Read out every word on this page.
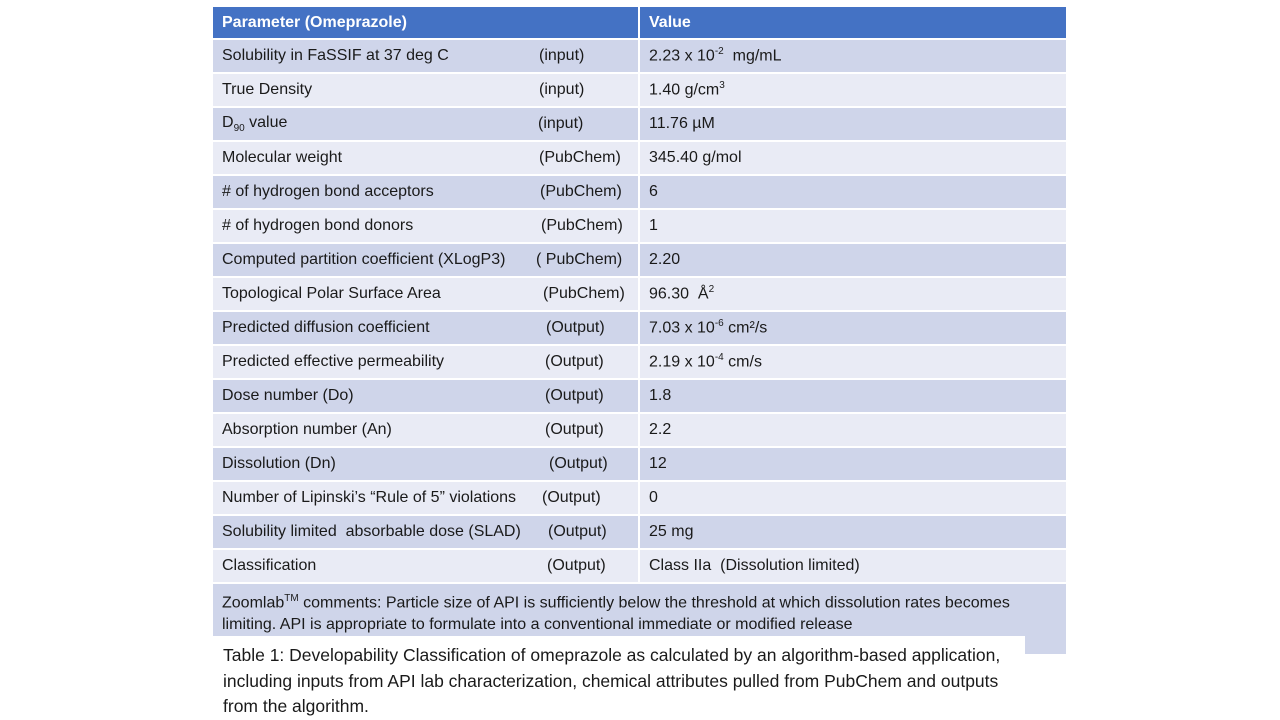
Parameter (Omeprazole)	Value

Solubility in FaSSIF at 37 deg C (input)	2.23 x $10^{-2}$  mg/mL

True Density (input)	1.40 $g/cm^3$

$D_{90}$ value (input)	11.76 µM

Molecular weight (PubChem)	345.40 g/mol

# of hydrogen bond acceptors (PubChem)	6

# of hydrogen bond donors (PubChem)	1

Computed partition coefficient (XLogP3) ( PubChem)	2.20

Topological Polar Surface Area (PubChem)	96.30  $Å^2$

Predicted diffusion coefficient (Output)	7.03 x $10^{-6}$ cm²/s

Predicted effective permeability (Output)	2.19 x $10^{-4}$ cm/s

Dose number (Do) (Output)	1.8

Absorption number (An) (Output)	2.2

Dissolution (Dn) (Output)	12

Number of Lipinski’s “Rule of 5” violations (Output)	0

Solubility limited  absorbable dose (SLAD) (Output)	25 mg

Classification (Output)	Class IIa  (Dissolution limited)
Zoomlab™ comments: Particle size of API is sufficiently below the threshold at which dissolution rates becomes limiting. API is appropriate to formulate into a conventional immediate or modified release
Table 1: Developability Classification of omeprazole as calculated by an algorithm-based application, including inputs from API lab characterization, chemical attributes pulled from PubChem and outputs from the algorithm.
